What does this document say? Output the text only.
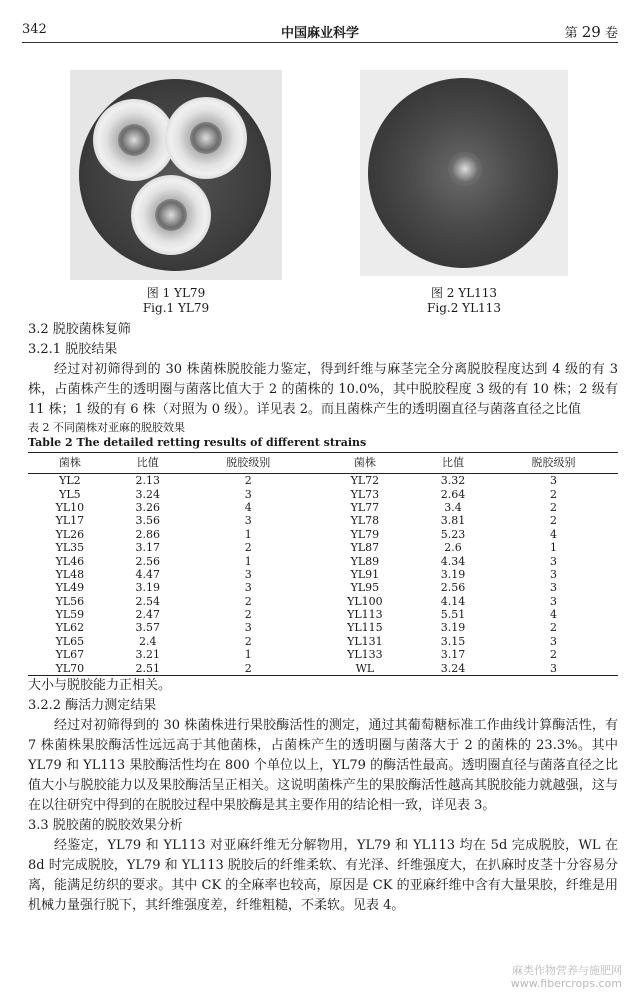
342	中国麻业科学	第 29 卷
图 1 YL79
Fig.1 YL79
图 2 YL113
Fig.2 YL113

3.2 脱胶菌株复筛

3.2.1 脱胶结果

经过对初筛得到的 30 株菌株脱胶能力鉴定，得到纤维与麻茎完全分离脱胶程度达到 4 级的有 3 株，占菌株产生的透明圈与菌落比值大于 2 的菌株的 10.0%，其中脱胶程度 3 级的有 10 株；2 级有 11 株；1 级的有 6 株（对照为 0 级）。详见表 2。而且菌株产生的透明圈直径与菌落直径之比值

表 2 不同菌株对亚麻的脱胶效果

Table 2 The detailed retting results of different strains

菌株	比值	脱胶级别	菌株	比值	脱胶级别
YL2	2.13	2	YL72	3.32	3
YL5	3.24	3	YL73	2.64	2
YL10	3.26	4	YL77	3.4	2
YL17	3.56	3	YL78	3.81	2
YL26	2.86	1	YL79	5.23	4
YL35	3.17	2	YL87	2.6	1
YL46	2.56	1	YL89	4.34	3
YL48	4.47	3	YL91	3.19	3
YL49	3.19	3	YL95	2.56	3
YL56	2.54	2	YL100	4.14	3
YL59	2.47	2	YL113	5.51	4
YL62	3.57	3	YL115	3.19	2
YL65	2.4	2	YL131	3.15	3
YL67	3.21	1	YL133	3.17	2
YL70	2.51	2	WL	3.24	3

大小与脱胶能力正相关。

3.2.2 酶活力测定结果

经过对初筛得到的 30 株菌株进行果胶酶活性的测定，通过其葡萄糖标准工作曲线计算酶活性，有 7 株菌株果胶酶活性远远高于其他菌株，占菌株产生的透明圈与菌落大于 2 的菌株的 23.3%。其中 YL79 和 YL113 果胶酶活性均在 800 个单位以上，YL79 的酶活性最高。透明圈直径与菌落直径之比值大小与脱胶能力以及果胶酶活呈正相关。这说明菌株产生的果胶酶活性越高其脱胶能力就越强，这与在以往研究中得到的在脱胶过程中果胶酶是其主要作用的结论相一致，详见表 3。

3.3 脱胶菌的脱胶效果分析

经鉴定，YL79 和 YL113 对亚麻纤维无分解物用，YL79 和 YL113 均在 5d 完成脱胶，WL 在 8d 时完成脱胶，YL79 和 YL113 脱胶后的纤维柔软、有光泽、纤维强度大，在扒麻时皮茎十分容易分离，能满足纺织的要求。其中 CK 的全麻率也较高，原因是 CK 的亚麻纤维中含有大量果胶，纤维是用机械力量强行脱下，其纤维强度差，纤维粗糙，不柔软。见表 4。

麻类作物营养与施肥网
www.fibercrops.com
